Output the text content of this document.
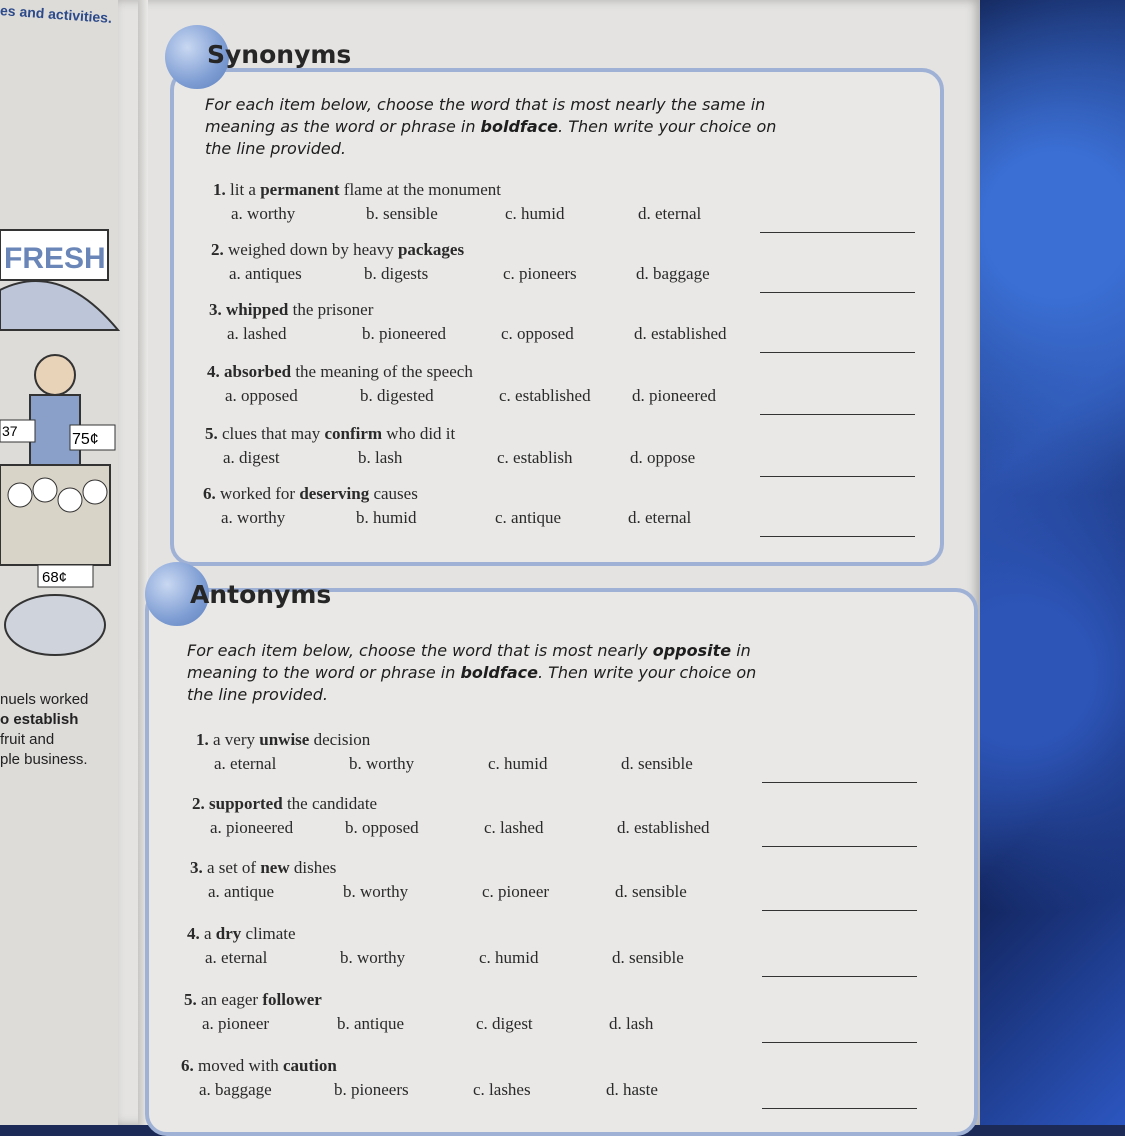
es and activities.
FRESH
37	75¢
68¢
nuels worked
o establish
fruit and
ple business.
Synonyms
For each item below, choose the word that is most nearly the same in meaning as the word or phrase in boldface. Then write your choice on the line provided.
1. lit a permanent flame at the monument
a. worthy	b. sensible	c. humid	d. eternal
2. weighed down by heavy packages
a. antiques	b. digests	c. pioneers	d. baggage
3. whipped the prisoner
a. lashed	b. pioneered	c. opposed	d. established
4. absorbed the meaning of the speech
a. opposed	b. digested	c. established d. pioneered
5. clues that may confirm who did it
a. digest	b. lash	c. establish	d. oppose
6. worked for deserving causes
a. worthy	b. humid	c. antique	d. eternal
Antonyms
For each item below, choose the word that is most nearly opposite in meaning to the word or phrase in boldface. Then write your choice on the line provided.
1. a very unwise decision
a. eternal	b. worthy	c. humid	d. sensible
2. supported the candidate
a. pioneered	b. opposed	c. lashed	d. established
3. a set of new dishes
a. antique	b. worthy	c. pioneer	d. sensible
4. a dry climate
a. eternal	b. worthy	c. humid	d. sensible
5. an eager follower
a. pioneer	b. antique	c. digest	d. lash
6. moved with caution
a. baggage	b. pioneers	c. lashes	d. haste
